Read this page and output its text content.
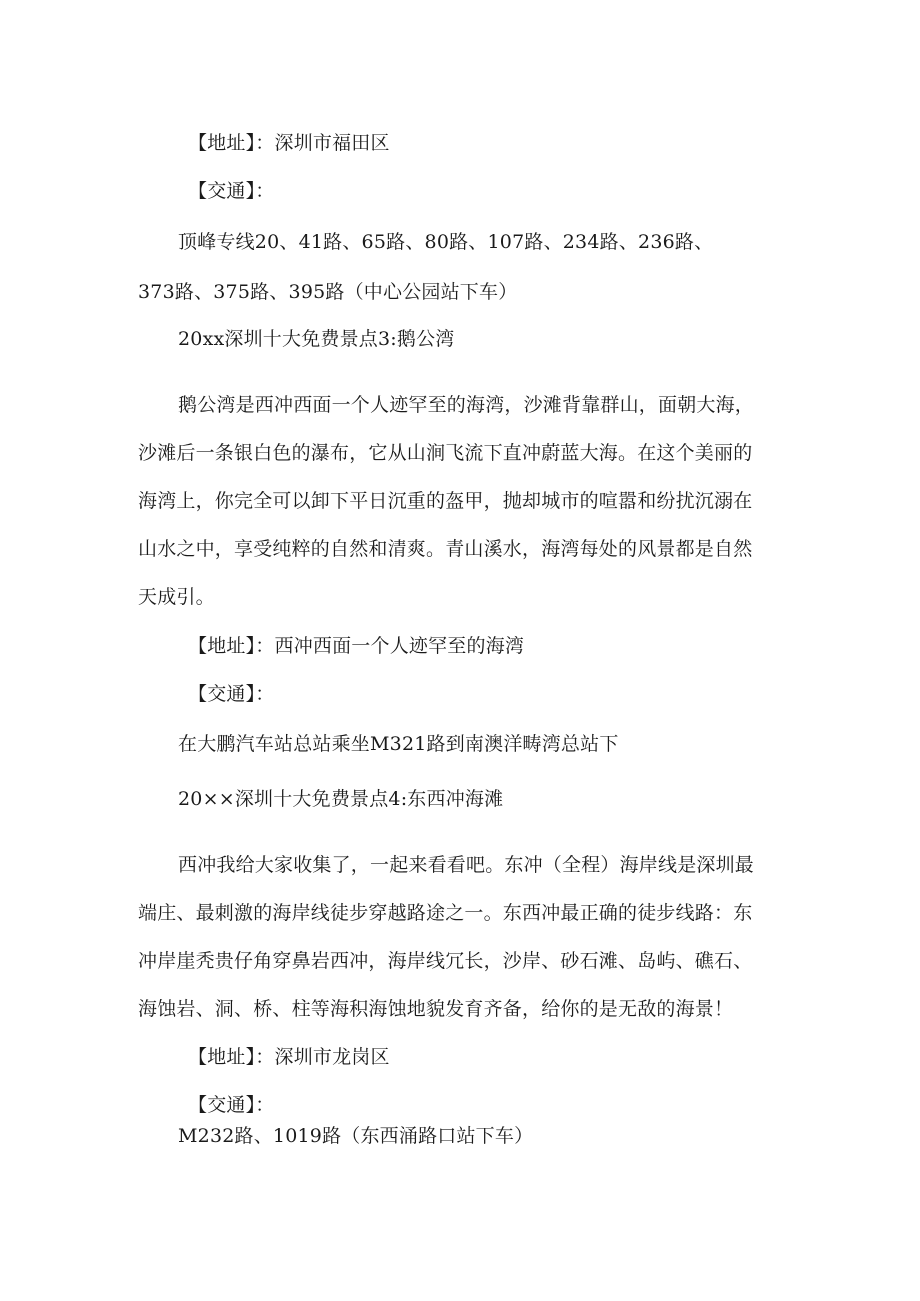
【地址】：深圳市福田区
【交通】：
顶峰专线20、41路、65路、80路、107路、234路、236路、
373路、375路、395路（中心公园站下车）
20xx深圳十大免费景点3:鹅公湾
鹅公湾是西冲西面一个人迹罕至的海湾，沙滩背靠群山，面朝大海，
沙滩后一条银白色的瀑布，它从山涧飞流下直冲蔚蓝大海。在这个美丽的
海湾上，你完全可以卸下平日沉重的盔甲，抛却城市的喧嚣和纷扰沉溺在
山水之中，享受纯粹的自然和清爽。青山溪水，海湾每处的风景都是自然
天成引。
【地址】：西冲西面一个人迹罕至的海湾
【交通】：
在大鹏汽车站总站乘坐M321路到南澳洋畴湾总站下
20××深圳十大免费景点4:东西冲海滩
西冲我给大家收集了，一起来看看吧。东冲（全程）海岸线是深圳最
端庄、最刺激的海岸线徒步穿越路途之一。东西冲最正确的徒步线路：东
冲岸崖秃贵仔角穿鼻岩西冲，海岸线冗长，沙岸、砂石滩、岛屿、礁石、
海蚀岩、洞、桥、柱等海积海蚀地貌发育齐备，给你的是无敌的海景！
【地址】：深圳市龙岗区
【交通】：
M232路、1019路（东西涌路口站下车）
